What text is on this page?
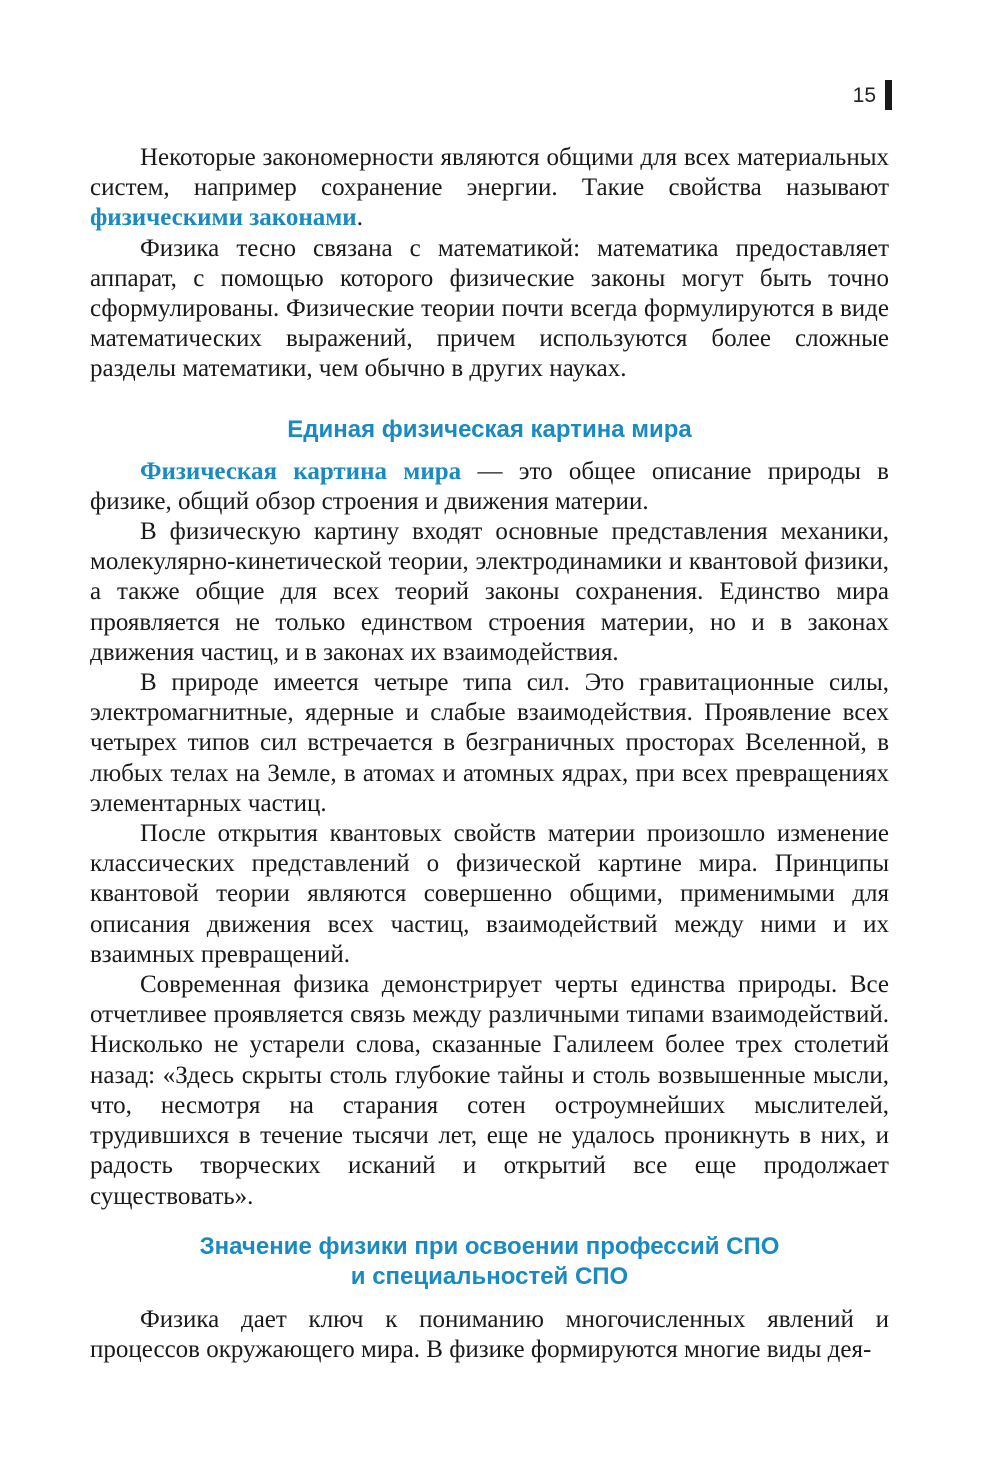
15

Некоторые закономерности являются общими для всех материальных систем, например сохранение энергии. Такие свойства называют физическими законами.

Физика тесно связана с математикой: математика предоставляет аппарат, с помощью которого физические законы могут быть точно сформулированы. Физические теории почти всегда формулируются в виде математических выражений, причем используются более сложные разделы математики, чем обычно в других науках.

Единая физическая картина мира

Физическая картина мира — это общее описание природы в физике, общий обзор строения и движения материи.

В физическую картину входят основные представления механики, молекулярно-кинетической теории, электродинамики и квантовой физики, а также общие для всех теорий законы сохранения. Единство мира проявляется не только единством строения материи, но и в законах движения частиц, и в законах их взаимодействия.

В природе имеется четыре типа сил. Это гравитационные силы, электромагнитные, ядерные и слабые взаимодействия. Проявление всех четырех типов сил встречается в безграничных просторах Вселенной, в любых телах на Земле, в атомах и атомных ядрах, при всех превращениях элементарных частиц.

После открытия квантовых свойств материи произошло изменение классических представлений о физической картине мира. Принципы квантовой теории являются совершенно общими, применимыми для описания движения всех частиц, взаимодействий между ними и их взаимных превращений.

Современная физика демонстрирует черты единства природы. Все отчетливее проявляется связь между различными типами взаимодействий. Нисколько не устарели слова, сказанные Галилеем более трех столетий назад: «Здесь скрыты столь глубокие тайны и столь возвышенные мысли, что, несмотря на старания сотен остроумнейших мыслителей, трудившихся в течение тысячи лет, еще не удалось проникнуть в них, и радость творческих исканий и открытий все еще продолжает существовать».

Значение физики при освоении профессий СПО
и специальностей СПО

Физика дает ключ к пониманию многочисленных явлений и процессов окружающего мира. В физике формируются многие виды дея-
